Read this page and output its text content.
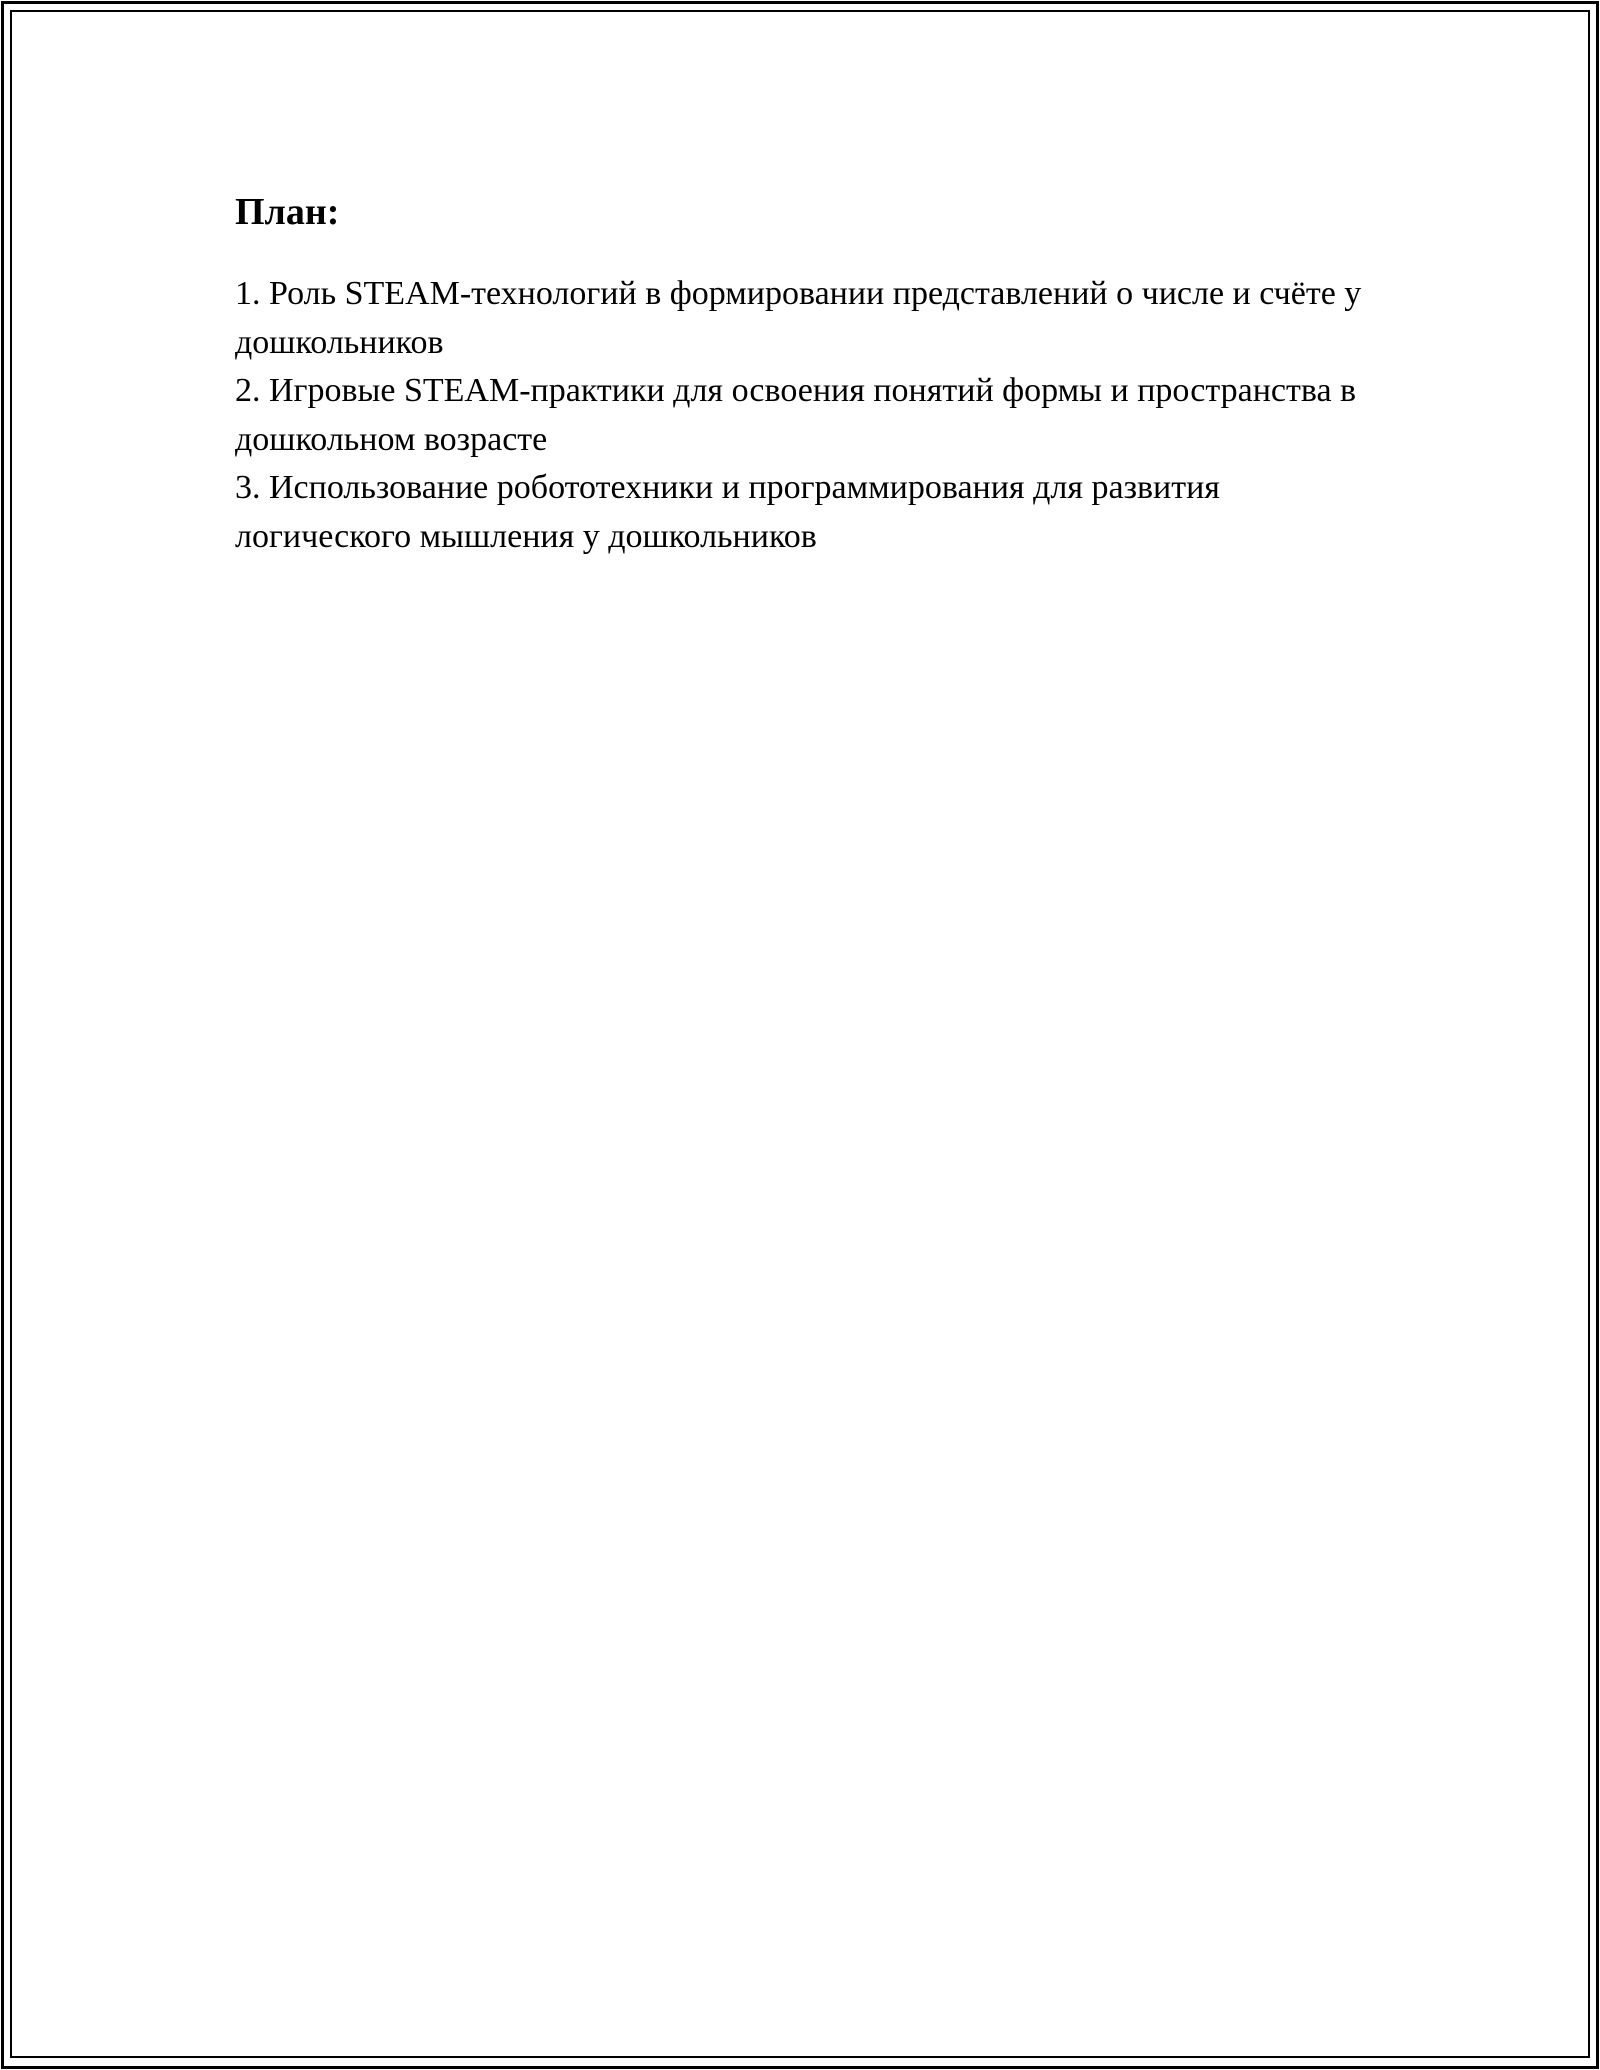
План:
1. Роль STEAM-технологий в формировании представлений о числе и счёте у дошкольников
2. Игровые STEAM-практики для освоения понятий формы и пространства в дошкольном возрасте
3. Использование робототехники и программирования для развития логического мышления у дошкольников
